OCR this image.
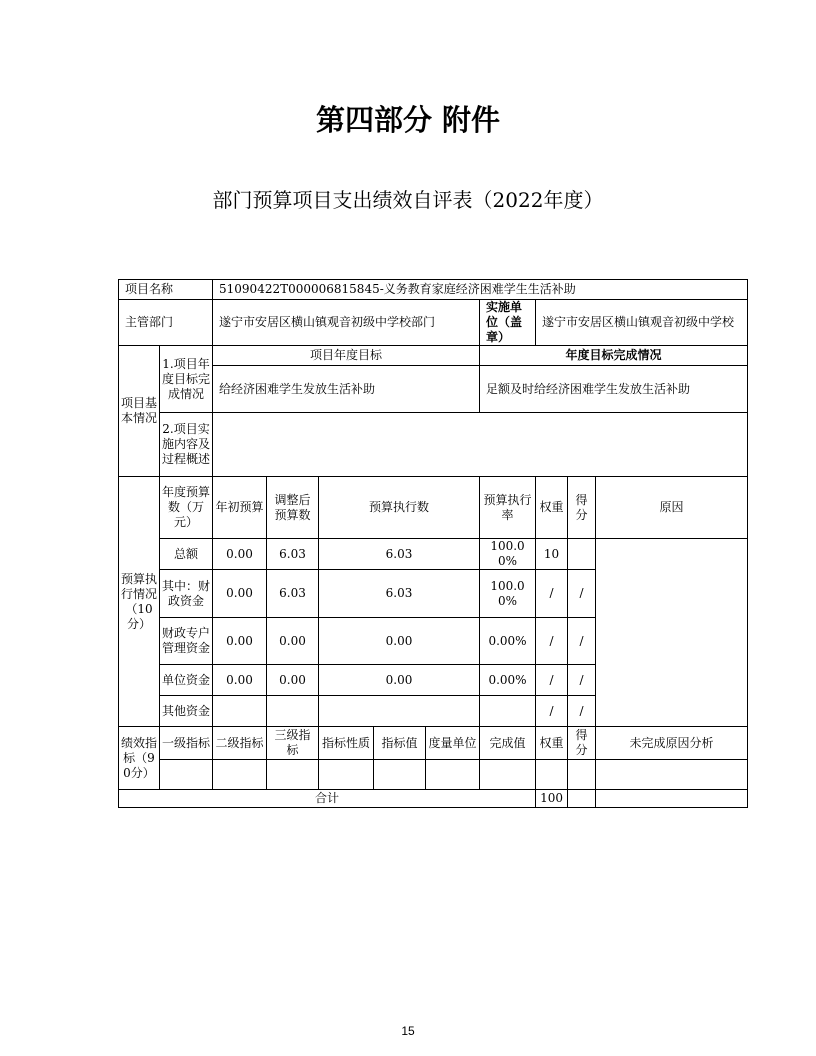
第四部分 附件
部门预算项目支出绩效自评表（2022年度）
项目名称		51090422T000006815845-义务教育家庭经济困难学生生活补助								
主管部门		遂宁市安居区横山镇观音初级中学校部门					实施单位（盖章）	遂宁市安居区横山镇观音初级中学校		
项目基本情况	1.项目年度目标完成情况	项目年度目标					年度目标完成情况			
		给经济困难学生发放生活补助					足额及时给经济困难学生发放生活补助			
	2.项目实施内容及过程概述									
预算执行情况（10分）	年度预算数（万元）	年初预算	调整后预算数	预算执行数			预算执行率	权重	得分	原因
	总额	0.00	6.03	6.03			100.00%	10		
	其中：财政资金	0.00	6.03	6.03			100.00%	/	/	
	财政专户管理资金	0.00	0.00	0.00			0.00%	/	/	
	单位资金	0.00	0.00	0.00			0.00%	/	/	
	其他资金							/	/	
绩效指标（90分）	一级指标	二级指标	三级指标	指标性质	指标值	度量单位	完成值	权重	得分	未完成原因分析

合计								100		
15
